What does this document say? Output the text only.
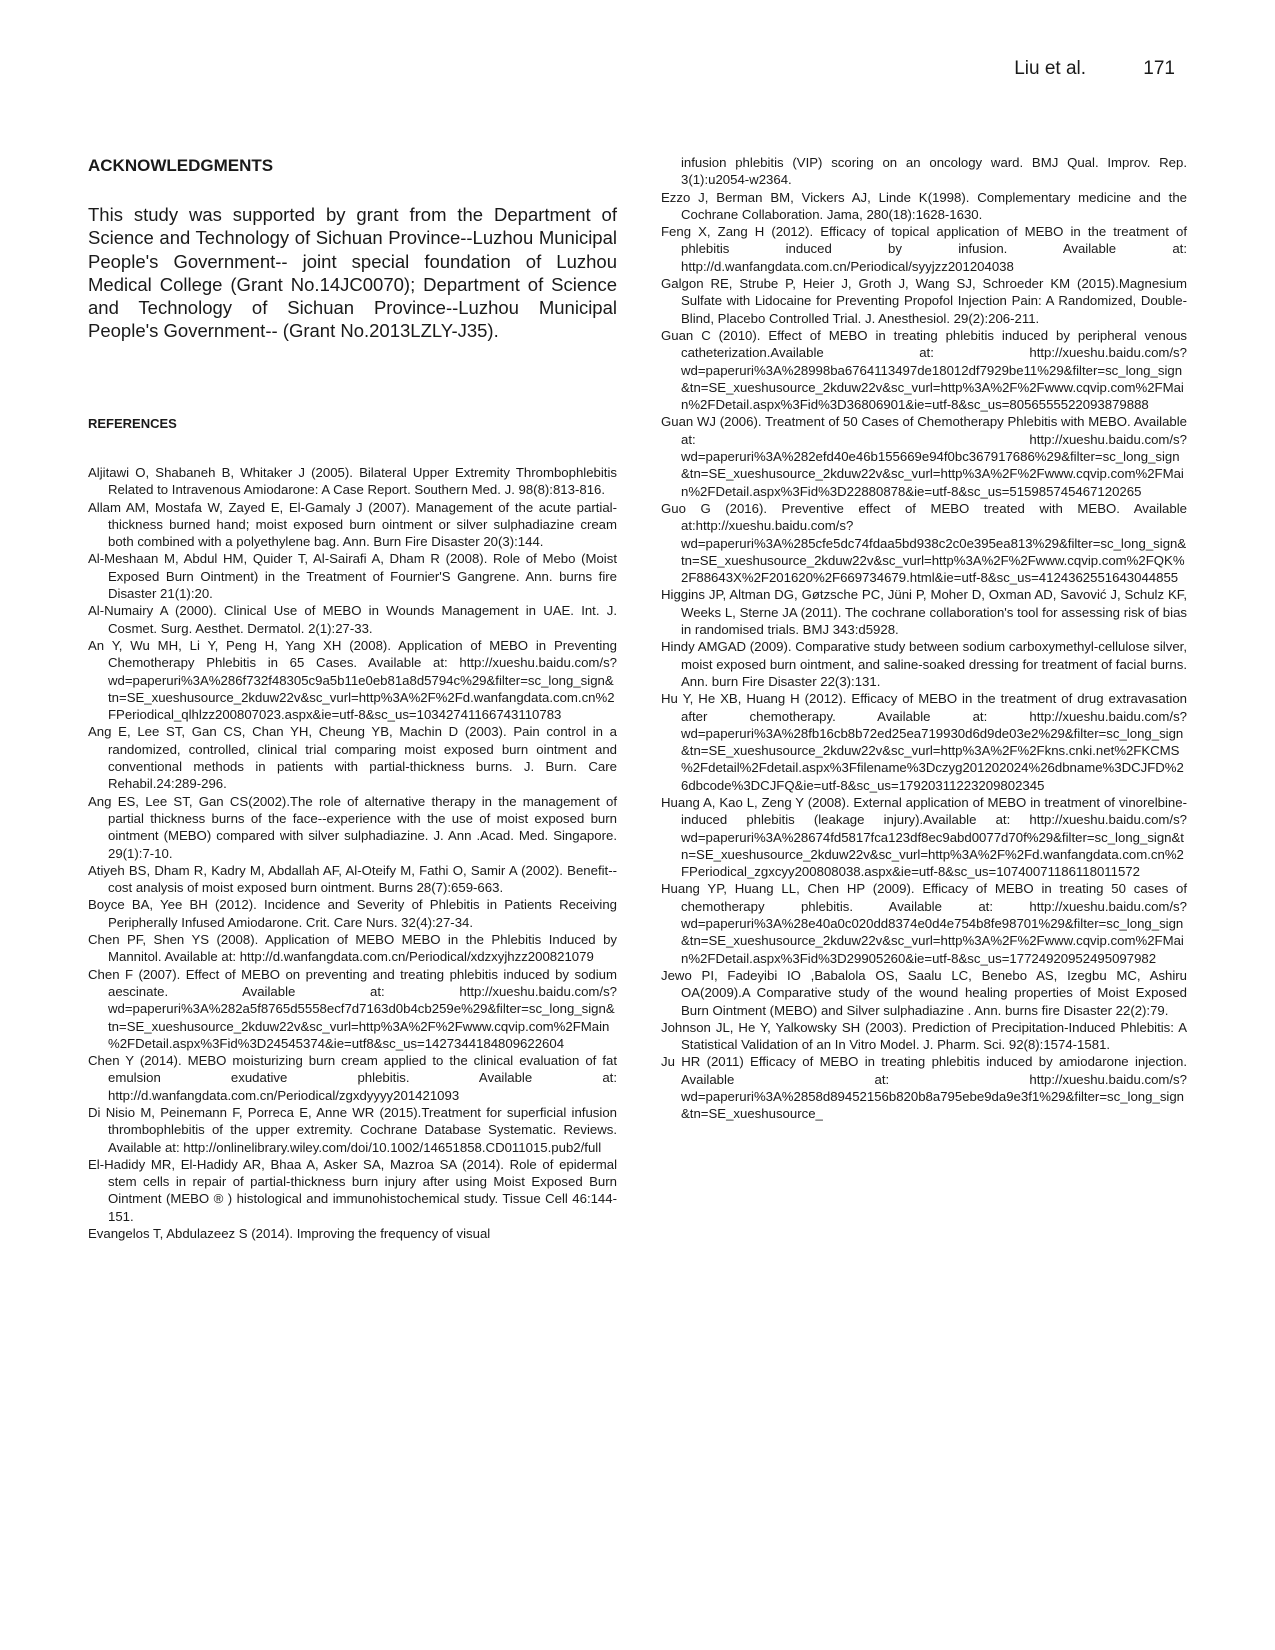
Liu et al.	171
ACKNOWLEDGMENTS

This study was supported by grant from the Department of Science and Technology of Sichuan Province--Luzhou Municipal People's Government-- joint special foundation of Luzhou Medical College (Grant No.14JC0070); Department of Science and Technology of Sichuan Province--Luzhou Municipal People's Government-- (Grant No.2013LZLY-J35).

REFERENCES
Aljitawi O, Shabaneh B, Whitaker J (2005). Bilateral Upper Extremity Thrombophlebitis Related to Intravenous Amiodarone: A Case Report. Southern Med. J. 98(8):813-816.
Allam AM, Mostafa W, Zayed E, El-Gamaly J (2007). Management of the acute partial-thickness burned hand; moist exposed burn ointment or silver sulphadiazine cream both combined with a polyethylene bag. Ann. Burn Fire Disaster 20(3):144.
Al-Meshaan M, Abdul HM, Quider T, Al-Sairafi A, Dham R (2008). Role of Mebo (Moist Exposed Burn Ointment) in the Treatment of Fournier'S Gangrene. Ann. burns fire Disaster 21(1):20.
Al-Numairy A (2000). Clinical Use of MEBO in Wounds Management in UAE. Int. J. Cosmet. Surg. Aesthet. Dermatol. 2(1):27-33.
An Y, Wu MH, Li Y, Peng H, Yang XH (2008). Application of MEBO in Preventing Chemotherapy Phlebitis in 65 Cases. Available at: http://xueshu.baidu.com/s?wd=paperuri%3A%286f732f48305c9a5b11e0eb81a8d5794c%29&filter=sc_long_sign&tn=SE_xueshusource_2kduw22v&sc_vurl=http%3A%2F%2Fd.wanfangdata.com.cn%2FPeriodical_qlhlzz200807023.aspx&ie=utf-8&sc_us=10342741166743110783
Ang E, Lee ST, Gan CS, Chan YH, Cheung YB, Machin D (2003). Pain control in a randomized, controlled, clinical trial comparing moist exposed burn ointment and conventional methods in patients with partial-thickness burns. J. Burn. Care Rehabil.24:289-296.
Ang ES, Lee ST, Gan CS(2002).The role of alternative therapy in the management of partial thickness burns of the face--experience with the use of moist exposed burn ointment (MEBO) compared with silver sulphadiazine. J. Ann .Acad. Med. Singapore. 29(1):7-10.
Atiyeh BS, Dham R, Kadry M, Abdallah AF, Al-Oteify M, Fathi O, Samir A (2002). Benefit--cost analysis of moist exposed burn ointment. Burns 28(7):659-663.
Boyce BA, Yee BH (2012). Incidence and Severity of Phlebitis in Patients Receiving Peripherally Infused Amiodarone. Crit. Care Nurs. 32(4):27-34.
Chen PF, Shen YS (2008). Application of MEBO MEBO in the Phlebitis Induced by Mannitol. Available at: http://d.wanfangdata.com.cn/Periodical/xdzxyjhzz200821079
Chen F (2007). Effect of MEBO on preventing and treating phlebitis induced by sodium aescinate. Available at: http://xueshu.baidu.com/s?wd=paperuri%3A%282a5f8765d5558ecf7d7163d0b4cb259e%29&filter=sc_long_sign&tn=SE_xueshusource_2kduw22v&sc_vurl=http%3A%2F%2Fwww.cqvip.com%2FMain%2FDetail.aspx%3Fid%3D24545374&ie=utf8&sc_us=1427344184809622604
Chen Y (2014). MEBO moisturizing burn cream applied to the clinical evaluation of fat emulsion exudative phlebitis. Available at: http://d.wanfangdata.com.cn/Periodical/zgxdyyyy201421093
Di Nisio M, Peinemann F, Porreca E, Anne WR (2015).Treatment for superficial infusion thrombophlebitis of the upper extremity. Cochrane Database Systematic. Reviews. Available at: http://onlinelibrary.wiley.com/doi/10.1002/14651858.CD011015.pub2/full
El-Hadidy MR, El-Hadidy AR, Bhaa A, Asker SA, Mazroa SA (2014). Role of epidermal stem cells in repair of partial-thickness burn injury after using Moist Exposed Burn Ointment (MEBO ® ) histological and immunohistochemical study. Tissue Cell 46:144-151.
Evangelos T, Abdulazeez S (2014). Improving the frequency of visual
infusion phlebitis (VIP) scoring on an oncology ward. BMJ Qual. Improv. Rep. 3(1):u2054-w2364.
Ezzo J, Berman BM, Vickers AJ, Linde K(1998). Complementary medicine and the Cochrane Collaboration. Jama, 280(18):1628-1630.
Feng X, Zang H (2012). Efficacy of topical application of MEBO in the treatment of phlebitis induced by infusion. Available at: http://d.wanfangdata.com.cn/Periodical/syyjzz201204038
Galgon RE, Strube P, Heier J, Groth J, Wang SJ, Schroeder KM (2015).Magnesium Sulfate with Lidocaine for Preventing Propofol Injection Pain: A Randomized, Double-Blind, Placebo Controlled Trial. J. Anesthesiol. 29(2):206-211.
Guan C (2010). Effect of MEBO in treating phlebitis induced by peripheral venous catheterization.Available at: http://xueshu.baidu.com/s?wd=paperuri%3A%28998ba6764113497de18012df7929be11%29&filter=sc_long_sign&tn=SE_xueshusource_2kduw22v&sc_vurl=http%3A%2F%2Fwww.cqvip.com%2FMain%2FDetail.aspx%3Fid%3D36806901&ie=utf-8&sc_us=8056555522093879888
Guan WJ (2006). Treatment of 50 Cases of Chemotherapy Phlebitis with MEBO. Available at: http://xueshu.baidu.com/s?wd=paperuri%3A%282efd40e46b155669e94f0bc367917686%29&filter=sc_long_sign&tn=SE_xueshusource_2kduw22v&sc_vurl=http%3A%2F%2Fwww.cqvip.com%2FMain%2FDetail.aspx%3Fid%3D22880878&ie=utf-8&sc_us=515985745467120265
Guo G (2016). Preventive effect of MEBO treated with MEBO. Available at:http://xueshu.baidu.com/s?wd=paperuri%3A%285cfe5dc74fdaa5bd938c2c0e395ea813%29&filter=sc_long_sign&tn=SE_xueshusource_2kduw22v&sc_vurl=http%3A%2F%2Fwww.cqvip.com%2FQK%2F88643X%2F201620%2F669734679.html&ie=utf-8&sc_us=4124362551643044855
Higgins JP, Altman DG, Gøtzsche PC, Jüni P, Moher D, Oxman AD, Savović J, Schulz KF, Weeks L, Sterne JA (2011). The cochrane collaboration's tool for assessing risk of bias in randomised trials. BMJ 343:d5928.
Hindy AMGAD (2009). Comparative study between sodium carboxymethyl-cellulose silver, moist exposed burn ointment, and saline-soaked dressing for treatment of facial burns. Ann. burn Fire Disaster 22(3):131.
Hu Y, He XB, Huang H (2012). Efficacy of MEBO in the treatment of drug extravasation after chemotherapy. Available at: http://xueshu.baidu.com/s?wd=paperuri%3A%28fb16cb8b72ed25ea719930d6d9de03e2%29&filter=sc_long_sign&tn=SE_xueshusource_2kduw22v&sc_vurl=http%3A%2F%2Fkns.cnki.net%2FKCMS%2Fdetail%2Fdetail.aspx%3Ffilename%3Dczyg201202024%26dbname%3DCJFD%26dbcode%3DCJFQ&ie=utf-8&sc_us=17920311223209802345
Huang A, Kao L, Zeng Y (2008). External application of MEBO in treatment of vinorelbine-induced phlebitis (leakage injury).Available at: http://xueshu.baidu.com/s?wd=paperuri%3A%28674fd5817fca123df8ec9abd0077d70f%29&filter=sc_long_sign&tn=SE_xueshusource_2kduw22v&sc_vurl=http%3A%2F%2Fd.wanfangdata.com.cn%2FPeriodical_zgxcyy200808038.aspx&ie=utf-8&sc_us=10740071186118011572
Huang YP, Huang LL, Chen HP (2009). Efficacy of MEBO in treating 50 cases of chemotherapy phlebitis. Available at: http://xueshu.baidu.com/s?wd=paperuri%3A%28e40a0c020dd8374e0d4e754b8fe98701%29&filter=sc_long_sign&tn=SE_xueshusource_2kduw22v&sc_vurl=http%3A%2F%2Fwww.cqvip.com%2FMain%2FDetail.aspx%3Fid%3D29905260&ie=utf-8&sc_us=17724920952495097982
Jewo PI, Fadeyibi IO ,Babalola OS, Saalu LC, Benebo AS, Izegbu MC, Ashiru OA(2009).A Comparative study of the wound healing properties of Moist Exposed Burn Ointment (MEBO) and Silver sulphadiazine . Ann. burns fire Disaster 22(2):79.
Johnson JL, He Y, Yalkowsky SH (2003). Prediction of Precipitation-Induced Phlebitis: A Statistical Validation of an In Vitro Model. J. Pharm. Sci. 92(8):1574-1581.
Ju HR (2011) Efficacy of MEBO in treating phlebitis induced by amiodarone injection. Available at: http://xueshu.baidu.com/s?wd=paperuri%3A%2858d89452156b820b8a795ebe9da9e3f1%29&filter=sc_long_sign&tn=SE_xueshusource_
